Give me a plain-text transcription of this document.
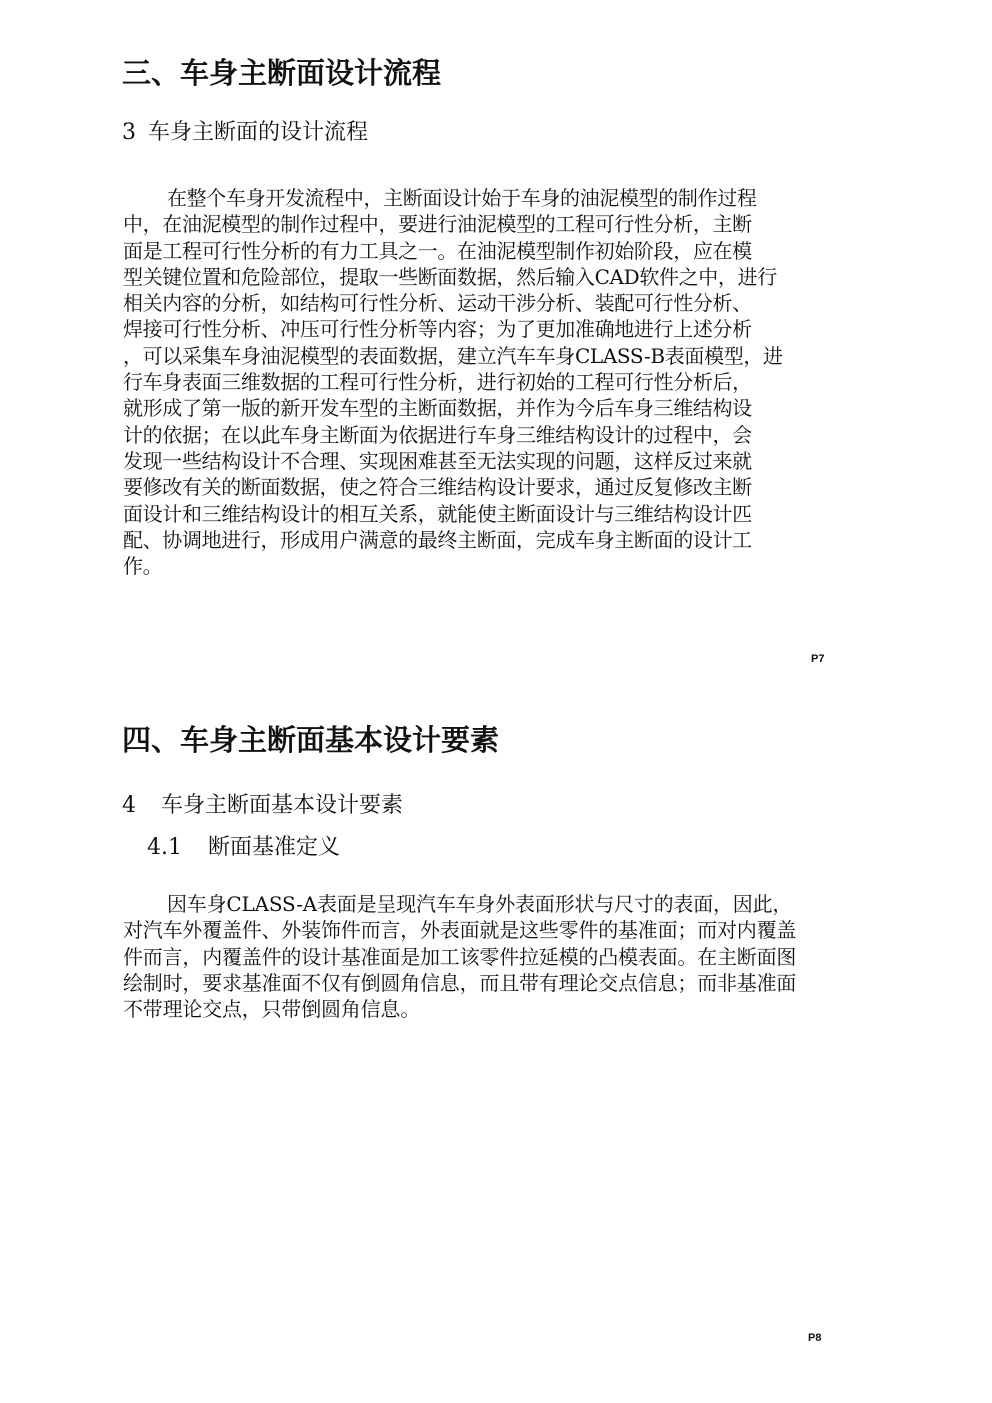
三、车身主断面设计流程
3 车身主断面的设计流程
在整个车身开发流程中，主断面设计始于车身的油泥模型的制作过程
中，在油泥模型的制作过程中，要进行油泥模型的工程可行性分析，主断
面是工程可行性分析的有力工具之一。在油泥模型制作初始阶段，应在模
型关键位置和危险部位，提取一些断面数据，然后输入CAD软件之中，进行
相关内容的分析，如结构可行性分析、运动干涉分析、装配可行性分析、
焊接可行性分析、冲压可行性分析等内容；为了更加准确地进行上述分析
，可以采集车身油泥模型的表面数据，建立汽车车身CLASS-B表面模型，进
行车身表面三维数据的工程可行性分析，进行初始的工程可行性分析后，
就形成了第一版的新开发车型的主断面数据，并作为今后车身三维结构设
计的依据；在以此车身主断面为依据进行车身三维结构设计的过程中，会
发现一些结构设计不合理、实现困难甚至无法实现的问题，这样反过来就
要修改有关的断面数据，使之符合三维结构设计要求，通过反复修改主断
面设计和三维结构设计的相互关系，就能使主断面设计与三维结构设计匹
配、协调地进行，形成用户满意的最终主断面，完成车身主断面的设计工
作。
P7
四、车身主断面基本设计要素
4 车身主断面基本设计要素
4.1 断面基准定义
因车身CLASS-A表面是呈现汽车车身外表面形状与尺寸的表面，因此，
对汽车外覆盖件、外装饰件而言，外表面就是这些零件的基准面；而对内覆盖
件而言，内覆盖件的设计基准面是加工该零件拉延模的凸模表面。在主断面图
绘制时，要求基准面不仅有倒圆角信息，而且带有理论交点信息；而非基准面
不带理论交点，只带倒圆角信息。
P8
